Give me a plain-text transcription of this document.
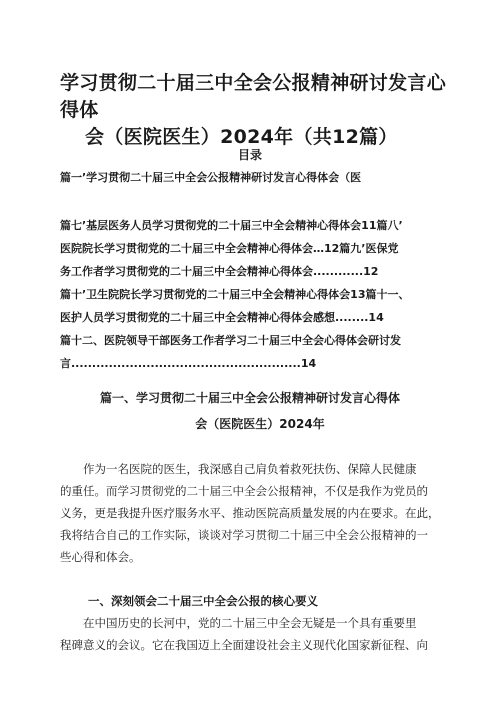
学习贯彻二十届三中全会公报精神研讨发言心得体
会（医院医生）2024年（共12篇）
目录
篇一’学习贯彻二十届三中全会公报精神研讨发言心得体会（医
篇七’基层医务人员学习贯彻党的二十届三中全会精神心得体会11篇八’
医院院长学习贯彻党的二十届三中全会精神心得体会…12篇九’医保党
务工作者学习贯彻党的二十届三中全会精神心得体会............12
篇十’卫生院院长学习贯彻党的二十届三中全会精神心得体会13篇十一、
医护人员学习贯彻党的二十届三中全会精神心得体会感想........14
篇十二、医院领导干部医务工作者学习二十届三中全会心得体会研讨发
言.......................................................14
篇一、学习贯彻二十届三中全会公报精神研讨发言心得体
会（医院医生）2024年
　　作为一名医院的医生，我深感自己肩负着救死扶伤、保障人民健康
的重任。而学习贯彻党的二十届三中全会公报精神，不仅是我作为党员的
义务，更是我提升医疗服务水平、推动医院高质量发展的内在要求。在此，
我将结合自己的工作实际，谈谈对学习贯彻二十届三中全会公报精神的一
些心得和体会。
一、深刻领会二十届三中全会公报的核心要义
　　在中国历史的长河中，党的二十届三中全会无疑是一个具有重要里
程碑意义的会议。它在我国迈上全面建设社会主义现代化国家新征程、向
